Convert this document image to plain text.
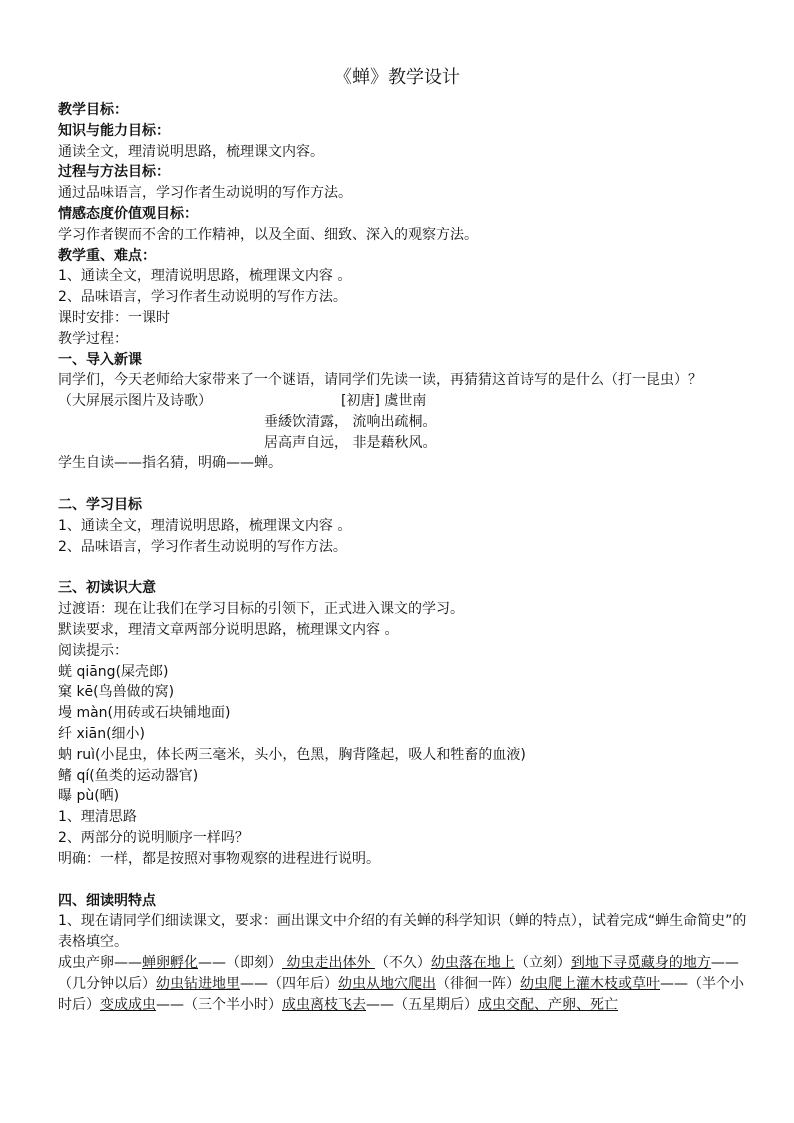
《蝉》教学设计
教学目标：
知识与能力目标：
通读全文，理清说明思路，梳理课文内容。
过程与方法目标：
通过品味语言，学习作者生动说明的写作方法。
情感态度价值观目标：
学习作者锲而不舍的工作精神，以及全面、细致、深入的观察方法。
教学重、难点：
1、通读全文，理清说明思路，梳理课文内容 。
2、品味语言，学习作者生动说明的写作方法。
课时安排：一课时
教学过程：
一、导入新课
同学们，今天老师给大家带来了一个谜语，请同学们先读一读，再猜猜这首诗写的是什么（打一昆虫）？
（大屏展示图片及诗歌）	[初唐] 虞世南
垂緌饮清露， 流响出疏桐。
居高声自远， 非是藉秋风。
学生自读——指名猜，明确——蝉。
二、学习目标
1、通读全文，理清说明思路，梳理课文内容 。
2、品味语言，学习作者生动说明的写作方法。
三、初读识大意
过渡语：现在让我们在学习目标的引领下，正式进入课文的学习。
默读要求，理清文章两部分说明思路，梳理课文内容 。
阅读提示：
蜣 qiāng(屎壳郎)
窠 kē(鸟兽做的窝)
墁 màn(用砖或石块铺地面)
纤 xiān(细小)
蚋 ruì(小昆虫，体长两三毫米，头小，色黑，胸背隆起，吸人和牲畜的血液)
鳍 qí(鱼类的运动器官)
曝 pù(晒)
1、理清思路
2、两部分的说明顺序一样吗？
明确：一样，都是按照对事物观察的进程进行说明。
四、细读明特点
1、现在请同学们细读课文，要求：画出课文中介绍的有关蝉的科学知识（蝉的特点），试着完成“蝉生命简史”的表格填空。
成虫产卵——蝉卵孵化——（即刻） 幼虫走出体外 （不久）幼虫落在地上（立刻）到地下寻觅藏身的地方——（几分钟以后）幼虫钻进地里——（四年后）幼虫从地穴爬出（徘徊一阵）幼虫爬上灌木枝或草叶——（半个小时后）变成成虫——（三个半小时）成虫离枝飞去——（五星期后）成虫交配、产卵、死亡
